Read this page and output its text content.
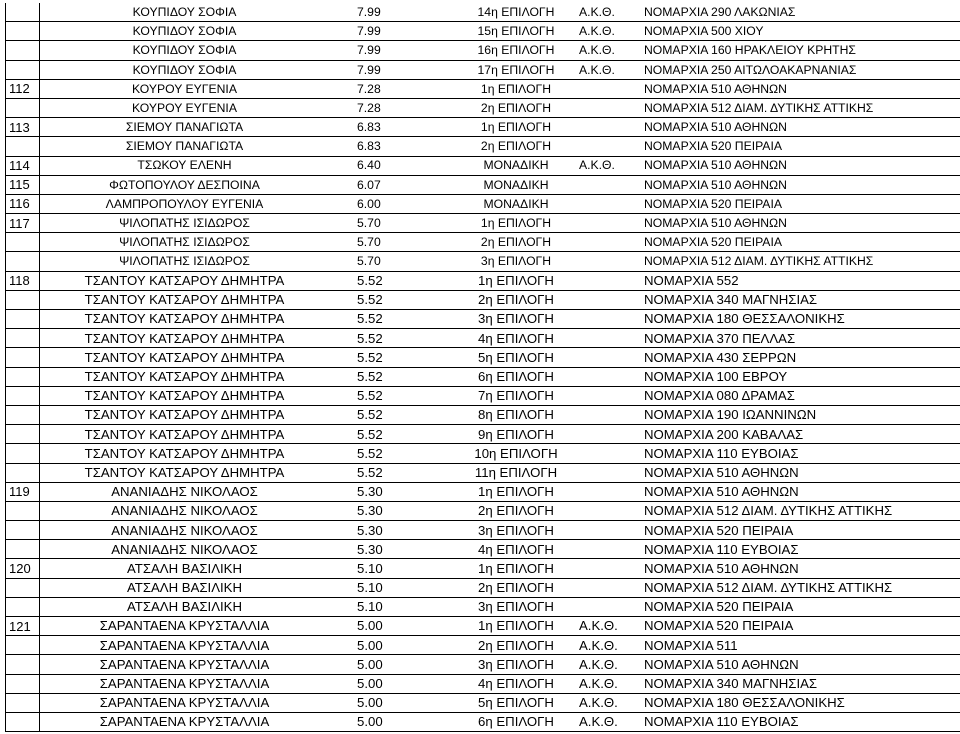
	ΚΟΥΠΙΔΟΥ ΣΟΦΙΑ	7.99	14η ΕΠΙΛΟΓΗ	Α.Κ.Θ.	ΝΟΜΑΡΧΙΑ 290 ΛΑΚΩΝΙΑΣ
	ΚΟΥΠΙΔΟΥ ΣΟΦΙΑ	7.99	15η ΕΠΙΛΟΓΗ	Α.Κ.Θ.	ΝΟΜΑΡΧΙΑ 500 ΧΙΟΥ
	ΚΟΥΠΙΔΟΥ ΣΟΦΙΑ	7.99	16η ΕΠΙΛΟΓΗ	Α.Κ.Θ.	ΝΟΜΑΡΧΙΑ 160 ΗΡΑΚΛΕΙΟΥ ΚΡΗΤΗΣ
	ΚΟΥΠΙΔΟΥ ΣΟΦΙΑ	7.99	17η ΕΠΙΛΟΓΗ	Α.Κ.Θ.	ΝΟΜΑΡΧΙΑ 250 ΑΙΤΩΛΟΑΚΑΡΝΑΝΙΑΣ
112	ΚΟΥΡΟΥ ΕΥΓΕΝΙΑ	7.28	1η ΕΠΙΛΟΓΗ		ΝΟΜΑΡΧΙΑ 510 ΑΘΗΝΩΝ
	ΚΟΥΡΟΥ ΕΥΓΕΝΙΑ	7.28	2η ΕΠΙΛΟΓΗ		ΝΟΜΑΡΧΙΑ 512 ΔΙΑΜ. ΔΥΤΙΚΗΣ ΑΤΤΙΚΗΣ
113	ΣΙΕΜΟΥ ΠΑΝΑΓΙΩΤΑ	6.83	1η ΕΠΙΛΟΓΗ		ΝΟΜΑΡΧΙΑ 510 ΑΘΗΝΩΝ
	ΣΙΕΜΟΥ ΠΑΝΑΓΙΩΤΑ	6.83	2η ΕΠΙΛΟΓΗ		ΝΟΜΑΡΧΙΑ 520 ΠΕΙΡΑΙΑ
114	ΤΣΩΚΟΥ ΕΛΕΝΗ	6.40	ΜΟΝΑΔΙΚΗ	Α.Κ.Θ.	ΝΟΜΑΡΧΙΑ 510 ΑΘΗΝΩΝ
115	ΦΩΤΟΠΟΥΛΟΥ ΔΕΣΠΟΙΝΑ	6.07	ΜΟΝΑΔΙΚΗ		ΝΟΜΑΡΧΙΑ 510 ΑΘΗΝΩΝ
116	ΛΑΜΠΡΟΠΟΥΛΟΥ ΕΥΓΕΝΙΑ	6.00	ΜΟΝΑΔΙΚΗ		ΝΟΜΑΡΧΙΑ 520 ΠΕΙΡΑΙΑ
117	ΨΙΛΟΠΑΤΗΣ ΙΣΙΔΩΡΟΣ	5.70	1η ΕΠΙΛΟΓΗ		ΝΟΜΑΡΧΙΑ 510 ΑΘΗΝΩΝ
	ΨΙΛΟΠΑΤΗΣ ΙΣΙΔΩΡΟΣ	5.70	2η ΕΠΙΛΟΓΗ		ΝΟΜΑΡΧΙΑ 520 ΠΕΙΡΑΙΑ
	ΨΙΛΟΠΑΤΗΣ ΙΣΙΔΩΡΟΣ	5.70	3η ΕΠΙΛΟΓΗ		ΝΟΜΑΡΧΙΑ 512 ΔΙΑΜ. ΔΥΤΙΚΗΣ ΑΤΤΙΚΗΣ
118	ΤΣΑΝΤΟΥ ΚΑΤΣΑΡΟΥ ΔΗΜΗΤΡΑ	5.52	1η ΕΠΙΛΟΓΗ		ΝΟΜΑΡΧΙΑ 552
	ΤΣΑΝΤΟΥ ΚΑΤΣΑΡΟΥ ΔΗΜΗΤΡΑ	5.52	2η ΕΠΙΛΟΓΗ		ΝΟΜΑΡΧΙΑ 340 ΜΑΓΝΗΣΙΑΣ
	ΤΣΑΝΤΟΥ ΚΑΤΣΑΡΟΥ ΔΗΜΗΤΡΑ	5.52	3η ΕΠΙΛΟΓΗ		ΝΟΜΑΡΧΙΑ 180 ΘΕΣΣΑΛΟΝΙΚΗΣ
	ΤΣΑΝΤΟΥ ΚΑΤΣΑΡΟΥ ΔΗΜΗΤΡΑ	5.52	4η ΕΠΙΛΟΓΗ		ΝΟΜΑΡΧΙΑ 370 ΠΕΛΛΑΣ
	ΤΣΑΝΤΟΥ ΚΑΤΣΑΡΟΥ ΔΗΜΗΤΡΑ	5.52	5η ΕΠΙΛΟΓΗ		ΝΟΜΑΡΧΙΑ 430 ΣΕΡΡΩΝ
	ΤΣΑΝΤΟΥ ΚΑΤΣΑΡΟΥ ΔΗΜΗΤΡΑ	5.52	6η ΕΠΙΛΟΓΗ		ΝΟΜΑΡΧΙΑ 100 ΕΒΡΟΥ
	ΤΣΑΝΤΟΥ ΚΑΤΣΑΡΟΥ ΔΗΜΗΤΡΑ	5.52	7η ΕΠΙΛΟΓΗ		ΝΟΜΑΡΧΙΑ 080 ΔΡΑΜΑΣ
	ΤΣΑΝΤΟΥ ΚΑΤΣΑΡΟΥ ΔΗΜΗΤΡΑ	5.52	8η ΕΠΙΛΟΓΗ		ΝΟΜΑΡΧΙΑ 190 ΙΩΑΝΝΙΝΩΝ
	ΤΣΑΝΤΟΥ ΚΑΤΣΑΡΟΥ ΔΗΜΗΤΡΑ	5.52	9η ΕΠΙΛΟΓΗ		ΝΟΜΑΡΧΙΑ 200 ΚΑΒΑΛΑΣ
	ΤΣΑΝΤΟΥ ΚΑΤΣΑΡΟΥ ΔΗΜΗΤΡΑ	5.52	10η ΕΠΙΛΟΓΗ		ΝΟΜΑΡΧΙΑ 110 ΕΥΒΟΙΑΣ
	ΤΣΑΝΤΟΥ ΚΑΤΣΑΡΟΥ ΔΗΜΗΤΡΑ	5.52	11η ΕΠΙΛΟΓΗ		ΝΟΜΑΡΧΙΑ 510 ΑΘΗΝΩΝ
119	ΑΝΑΝΙΑΔΗΣ ΝΙΚΟΛΑΟΣ	5.30	1η ΕΠΙΛΟΓΗ		ΝΟΜΑΡΧΙΑ 510 ΑΘΗΝΩΝ
	ΑΝΑΝΙΑΔΗΣ ΝΙΚΟΛΑΟΣ	5.30	2η ΕΠΙΛΟΓΗ		ΝΟΜΑΡΧΙΑ 512 ΔΙΑΜ. ΔΥΤΙΚΗΣ ΑΤΤΙΚΗΣ
	ΑΝΑΝΙΑΔΗΣ ΝΙΚΟΛΑΟΣ	5.30	3η ΕΠΙΛΟΓΗ		ΝΟΜΑΡΧΙΑ 520 ΠΕΙΡΑΙΑ
	ΑΝΑΝΙΑΔΗΣ ΝΙΚΟΛΑΟΣ	5.30	4η ΕΠΙΛΟΓΗ		ΝΟΜΑΡΧΙΑ 110 ΕΥΒΟΙΑΣ
120	ΑΤΣΑΛΗ ΒΑΣΙΛΙΚΗ	5.10	1η ΕΠΙΛΟΓΗ		ΝΟΜΑΡΧΙΑ 510 ΑΘΗΝΩΝ
	ΑΤΣΑΛΗ ΒΑΣΙΛΙΚΗ	5.10	2η ΕΠΙΛΟΓΗ		ΝΟΜΑΡΧΙΑ 512 ΔΙΑΜ. ΔΥΤΙΚΗΣ ΑΤΤΙΚΗΣ
	ΑΤΣΑΛΗ ΒΑΣΙΛΙΚΗ	5.10	3η ΕΠΙΛΟΓΗ		ΝΟΜΑΡΧΙΑ 520 ΠΕΙΡΑΙΑ
121	ΣΑΡΑΝΤΑΕΝΑ ΚΡΥΣΤΑΛΛΙΑ	5.00	1η ΕΠΙΛΟΓΗ	Α.Κ.Θ.	ΝΟΜΑΡΧΙΑ 520 ΠΕΙΡΑΙΑ
	ΣΑΡΑΝΤΑΕΝΑ ΚΡΥΣΤΑΛΛΙΑ	5.00	2η ΕΠΙΛΟΓΗ	Α.Κ.Θ.	ΝΟΜΑΡΧΙΑ 511
	ΣΑΡΑΝΤΑΕΝΑ ΚΡΥΣΤΑΛΛΙΑ	5.00	3η ΕΠΙΛΟΓΗ	Α.Κ.Θ.	ΝΟΜΑΡΧΙΑ 510 ΑΘΗΝΩΝ
	ΣΑΡΑΝΤΑΕΝΑ ΚΡΥΣΤΑΛΛΙΑ	5.00	4η ΕΠΙΛΟΓΗ	Α.Κ.Θ.	ΝΟΜΑΡΧΙΑ 340 ΜΑΓΝΗΣΙΑΣ
	ΣΑΡΑΝΤΑΕΝΑ ΚΡΥΣΤΑΛΛΙΑ	5.00	5η ΕΠΙΛΟΓΗ	Α.Κ.Θ.	ΝΟΜΑΡΧΙΑ 180 ΘΕΣΣΑΛΟΝΙΚΗΣ
	ΣΑΡΑΝΤΑΕΝΑ ΚΡΥΣΤΑΛΛΙΑ	5.00	6η ΕΠΙΛΟΓΗ	Α.Κ.Θ.	ΝΟΜΑΡΧΙΑ 110 ΕΥΒΟΙΑΣ
